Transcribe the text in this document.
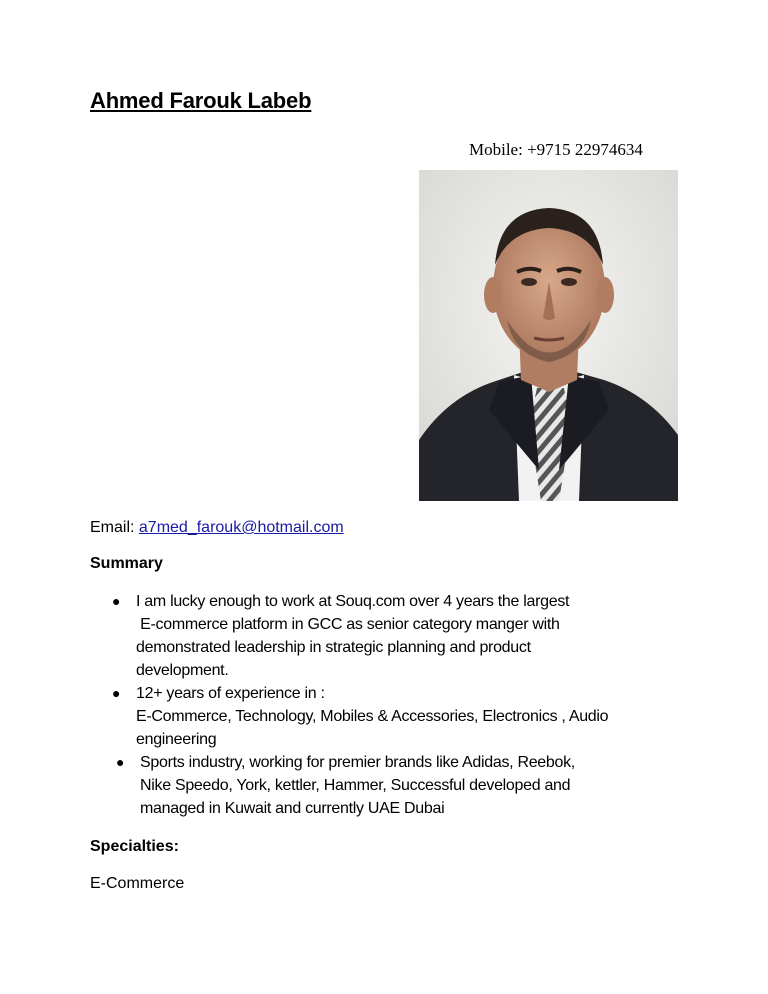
Ahmed Farouk Labeb
Mobile: +9715 22974634
Email: a7med_farouk@hotmail.com
Summary
● I am lucky enough to work at Souq.com over 4 years the largest
E-commerce platform in GCC as senior category manger with
demonstrated leadership in strategic planning and product
development.
● 12+ years of experience in :
E-Commerce, Technology, Mobiles & Accessories, Electronics , Audio
engineering
● Sports industry, working for premier brands like Adidas, Reebok,
Nike Speedo, York, kettler, Hammer, Successful developed and
managed in Kuwait and currently UAE Dubai
Specialties:
E-Commerce
